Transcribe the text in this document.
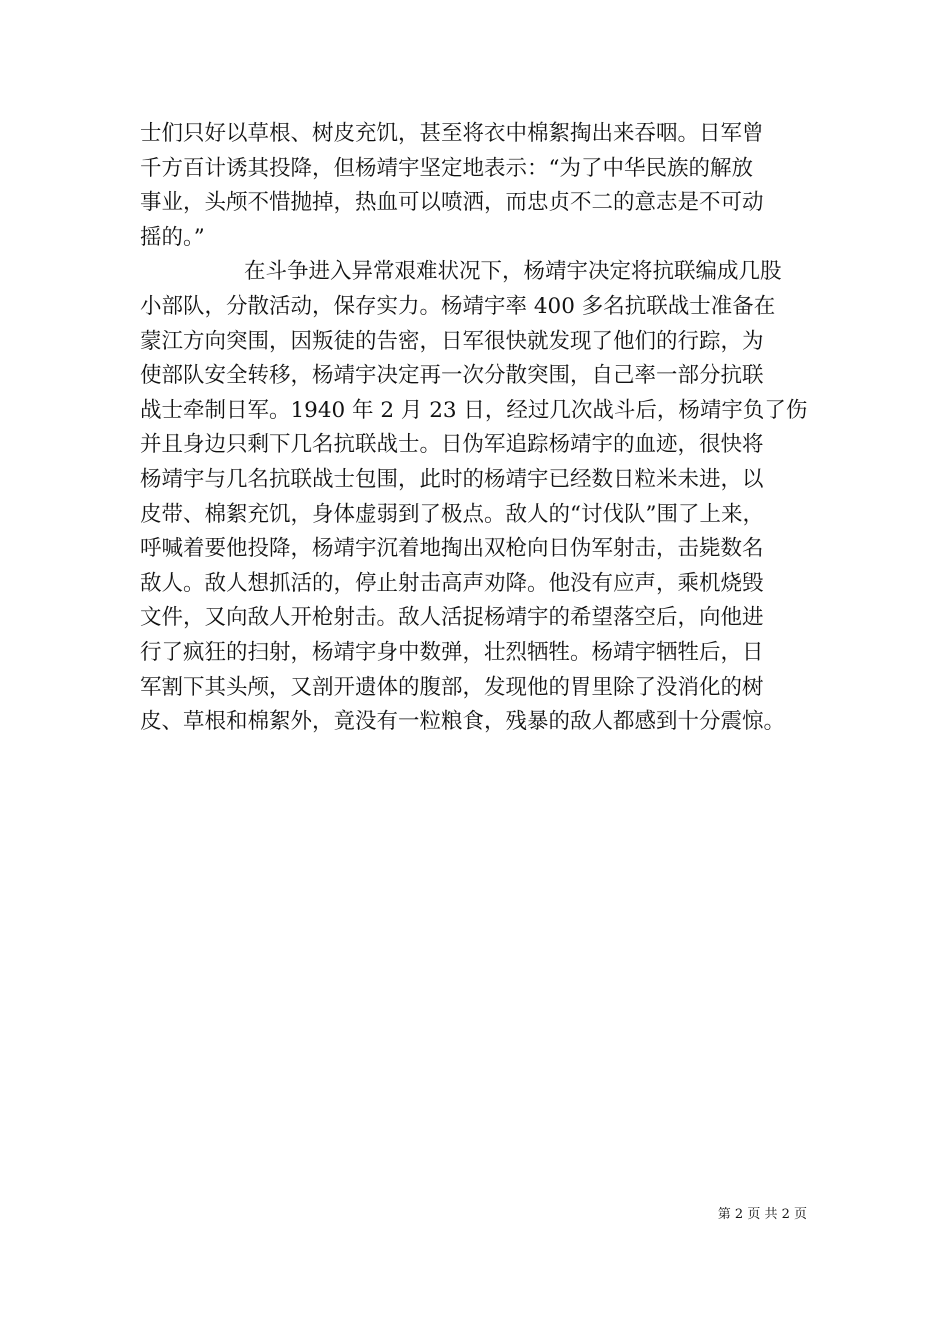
士们只好以草根、树皮充饥，甚至将衣中棉絮掏出来吞咽。日军曾
千方百计诱其投降，但杨靖宇坚定地表示：“为了中华民族的解放
事业，头颅不惜抛掉，热血可以喷洒，而忠贞不二的意志是不可动
摇的。”
在斗争进入异常艰难状况下，杨靖宇决定将抗联编成几股
小部队，分散活动，保存实力。杨靖宇率 400 多名抗联战士准备在
蒙江方向突围，因叛徒的告密，日军很快就发现了他们的行踪，为
使部队安全转移，杨靖宇决定再一次分散突围，自己率一部分抗联
战士牵制日军。1940 年 2 月 23 日，经过几次战斗后，杨靖宇负了伤
并且身边只剩下几名抗联战士。日伪军追踪杨靖宇的血迹，很快将
杨靖宇与几名抗联战士包围，此时的杨靖宇已经数日粒米未进，以
皮带、棉絮充饥，身体虚弱到了极点。敌人的“讨伐队”围了上来，
呼喊着要他投降，杨靖宇沉着地掏出双枪向日伪军射击，击毙数名
敌人。敌人想抓活的，停止射击高声劝降。他没有应声，乘机烧毁
文件，又向敌人开枪射击。敌人活捉杨靖宇的希望落空后，向他进
行了疯狂的扫射，杨靖宇身中数弹，壮烈牺牲。杨靖宇牺牲后，日
军割下其头颅，又剖开遗体的腹部，发现他的胃里除了没消化的树
皮、草根和棉絮外，竟没有一粒粮食，残暴的敌人都感到十分震惊。
第 2 页 共 2 页
